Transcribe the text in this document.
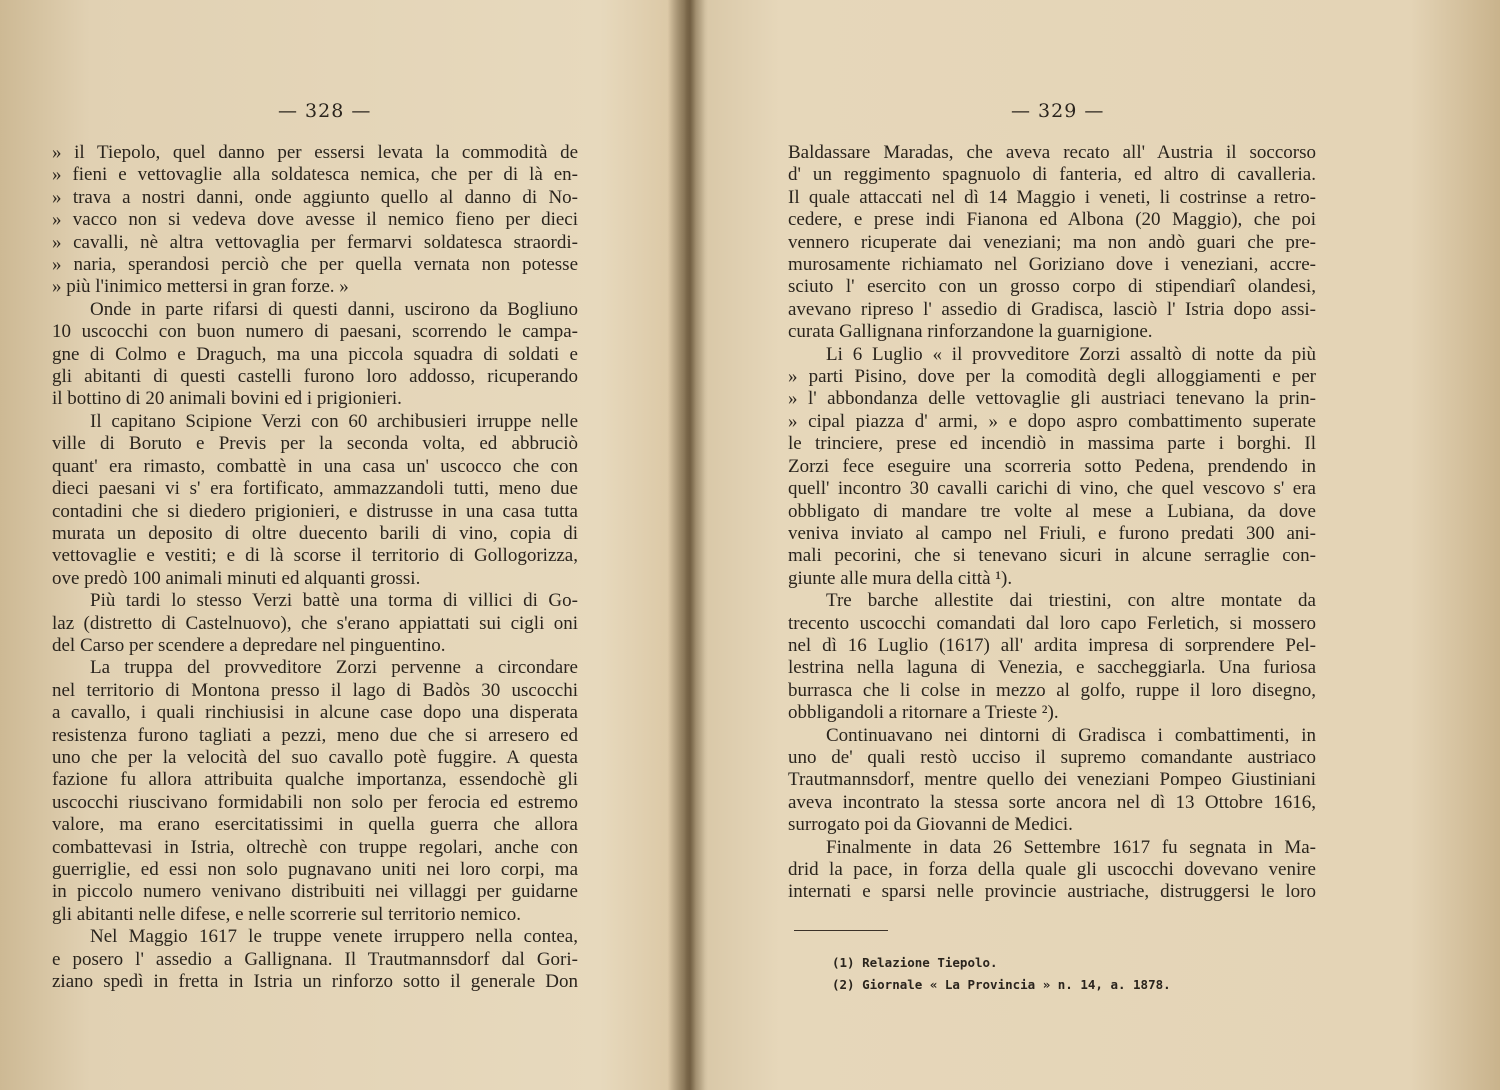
— 328 —
» il Tiepolo, quel danno per essersi levata la commodità de
» fieni e vettovaglie alla soldatesca nemica, che per di là en-
» trava a nostri danni, onde aggiunto quello al danno di No-
» vacco non si vedeva dove avesse il nemico fieno per dieci
» cavalli, nè altra vettovaglia per fermarvi soldatesca straordi-
» naria, sperandosi perciò che per quella vernata non potesse
» più l'inimico mettersi in gran forze. »
Onde in parte rifarsi di questi danni, uscirono da Bogliuno
10 uscocchi con buon numero di paesani, scorrendo le campa-
gne di Colmo e Draguch, ma una piccola squadra di soldati e
gli abitanti di questi castelli furono loro addosso, ricuperando
il bottino di 20 animali bovini ed i prigionieri.
Il capitano Scipione Verzi con 60 archibusieri irruppe nelle
ville di Boruto e Previs per la seconda volta, ed abbruciò
quant' era rimasto, combattè in una casa un' uscocco che con
dieci paesani vi s' era fortificato, ammazzandoli tutti, meno due
contadini che si diedero prigionieri, e distrusse in una casa tutta
murata un deposito di oltre duecento barili di vino, copia di
vettovaglie e vestiti; e di là scorse il territorio di Gollogorizza,
ove predò 100 animali minuti ed alquanti grossi.
Più tardi lo stesso Verzi battè una torma di villici di Go-
laz (distretto di Castelnuovo), che s'erano appiattati sui cigli oni
del Carso per scendere a depredare nel pinguentino.
La truppa del provveditore Zorzi pervenne a circondare
nel territorio di Montona presso il lago di Badòs 30 uscocchi
a cavallo, i quali rinchiusisi in alcune case dopo una disperata
resistenza furono tagliati a pezzi, meno due che si arresero ed
uno che per la velocità del suo cavallo potè fuggire. A questa
fazione fu allora attribuita qualche importanza, essendochè gli
uscocchi riuscivano formidabili non solo per ferocia ed estremo
valore, ma erano esercitatissimi in quella guerra che allora
combattevasi in Istria, oltrechè con truppe regolari, anche con
guerriglie, ed essi non solo pugnavano uniti nei loro corpi, ma
in piccolo numero venivano distribuiti nei villaggi per guidarne
gli abitanti nelle difese, e nelle scorrerie sul territorio nemico.
Nel Maggio 1617 le truppe venete irruppero nella contea,
e posero l' assedio a Gallignana. Il Trautmannsdorf dal Gori-
ziano spedì in fretta in Istria un rinforzo sotto il generale Don
— 329 —
Baldassare Maradas, che aveva recato all' Austria il soccorso
d' un reggimento spagnuolo di fanteria, ed altro di cavalleria.
Il quale attaccati nel dì 14 Maggio i veneti, li costrinse a retro-
cedere, e prese indi Fianona ed Albona (20 Maggio), che poi
vennero ricuperate dai veneziani; ma non andò guari che pre-
murosamente richiamato nel Goriziano dove i veneziani, accre-
sciuto l' esercito con un grosso corpo di stipendiarî olandesi,
avevano ripreso l' assedio di Gradisca, lasciò l' Istria dopo assi-
curata Gallignana rinforzandone la guarnigione.
Li 6 Luglio « il provveditore Zorzi assaltò di notte da più
» parti Pisino, dove per la comodità degli alloggiamenti e per
» l' abbondanza delle vettovaglie gli austriaci tenevano la prin-
» cipal piazza d' armi, » e dopo aspro combattimento superate
le trinciere, prese ed incendiò in massima parte i borghi. Il
Zorzi fece eseguire una scorreria sotto Pedena, prendendo in
quell' incontro 30 cavalli carichi di vino, che quel vescovo s' era
obbligato di mandare tre volte al mese a Lubiana, da dove
veniva inviato al campo nel Friuli, e furono predati 300 ani-
mali pecorini, che si tenevano sicuri in alcune serraglie con-
giunte alle mura della città ¹).
Tre barche allestite dai triestini, con altre montate da
trecento uscocchi comandati dal loro capo Ferletich, si mossero
nel dì 16 Luglio (1617) all' ardita impresa di sorprendere Pel-
lestrina nella laguna di Venezia, e saccheggiarla. Una furiosa
burrasca che li colse in mezzo al golfo, ruppe il loro disegno,
obbligandoli a ritornare a Trieste ²).
Continuavano nei dintorni di Gradisca i combattimenti, in
uno de' quali restò ucciso il supremo comandante austriaco
Trautmannsdorf, mentre quello dei veneziani Pompeo Giustiniani
aveva incontrato la stessa sorte ancora nel dì 13 Ottobre 1616,
surrogato poi da Giovanni de Medici.
Finalmente in data 26 Settembre 1617 fu segnata in Ma-
drid la pace, in forza della quale gli uscocchi dovevano venire
internati e sparsi nelle provincie austriache, distruggersi le loro
(1) Relazione Tiepolo.
(2) Giornale « La Provincia » n. 14, a. 1878.
